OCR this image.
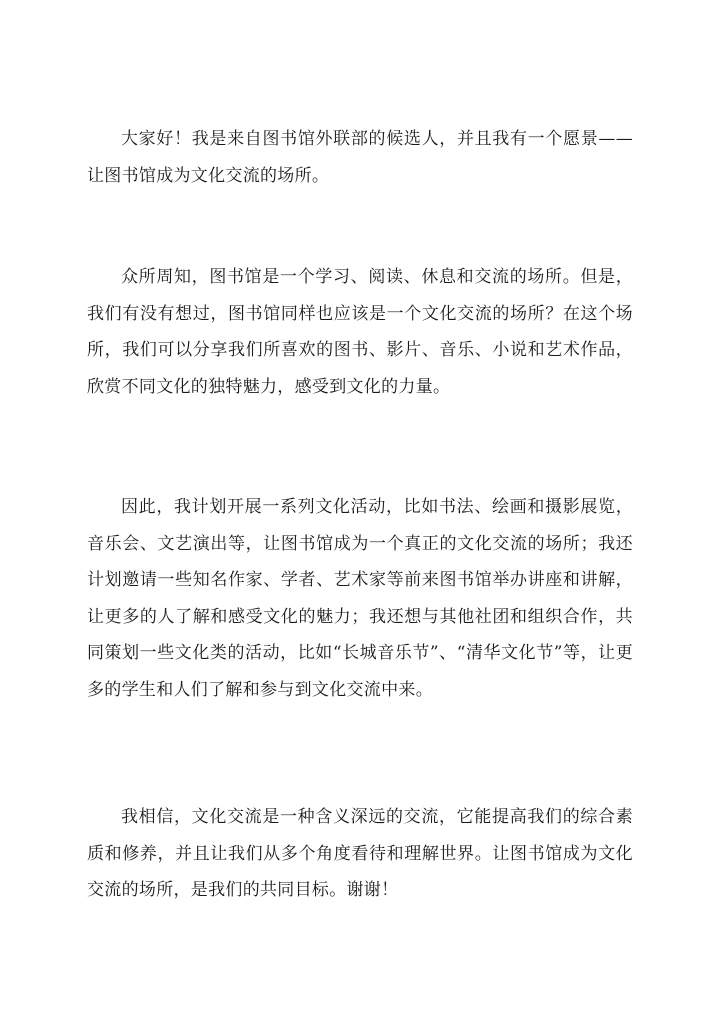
大家好！我是来自图书馆外联部的候选人，并且我有一个愿景——让图书馆成为文化交流的场所。

众所周知，图书馆是一个学习、阅读、休息和交流的场所。但是，我们有没有想过，图书馆同样也应该是一个文化交流的场所？在这个场所，我们可以分享我们所喜欢的图书、影片、音乐、小说和艺术作品，欣赏不同文化的独特魅力，感受到文化的力量。

因此，我计划开展一系列文化活动，比如书法、绘画和摄影展览，音乐会、文艺演出等，让图书馆成为一个真正的文化交流的场所；我还计划邀请一些知名作家、学者、艺术家等前来图书馆举办讲座和讲解，让更多的人了解和感受文化的魅力；我还想与其他社团和组织合作，共同策划一些文化类的活动，比如“长城音乐节”、“清华文化节”等，让更多的学生和人们了解和参与到文化交流中来。

我相信，文化交流是一种含义深远的交流，它能提高我们的综合素质和修养，并且让我们从多个角度看待和理解世界。让图书馆成为文化交流的场所，是我们的共同目标。谢谢！
